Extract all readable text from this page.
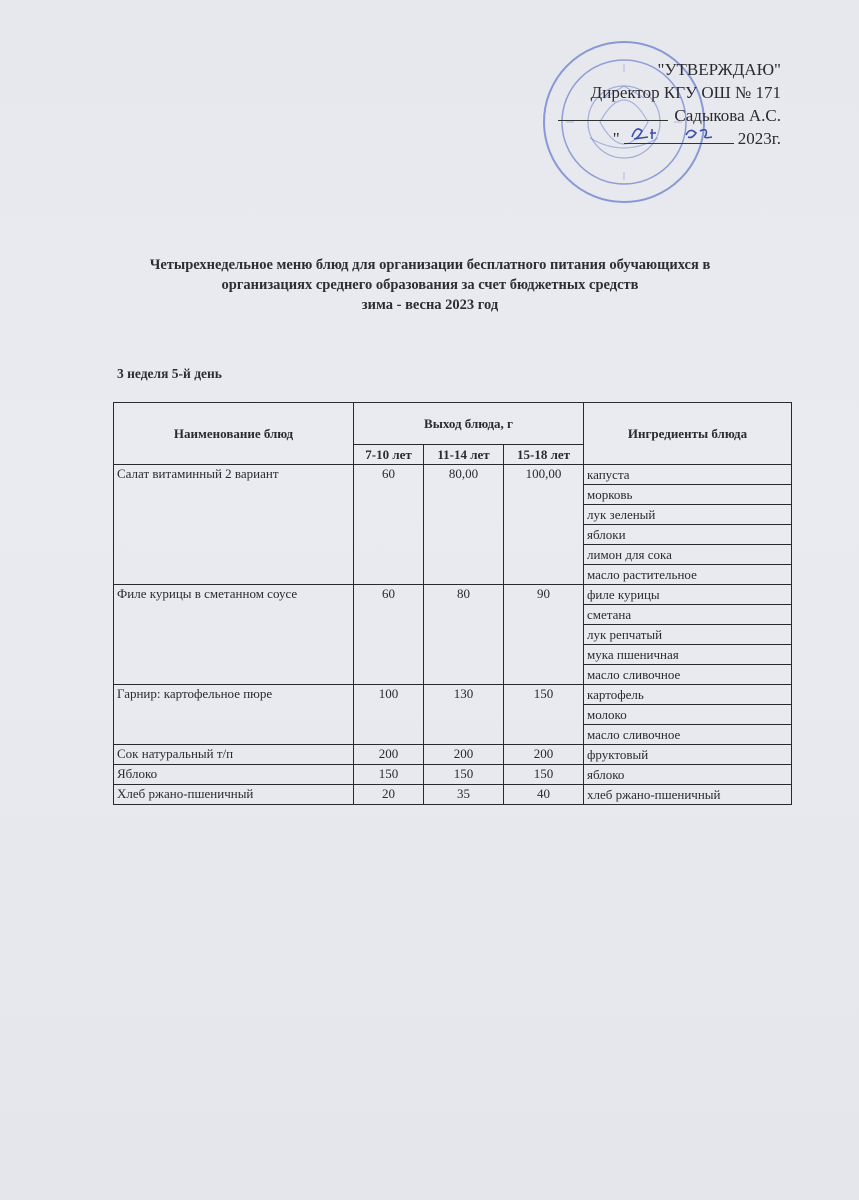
"УТВЕРЖДАЮ"
Директор КГУ ОШ № 171
Садыкова А.С.
"	2023г.
Четырехнедельное меню блюд для организации бесплатного питания обучающихся в
организациях среднего образования за счет бюджетных средств
зима - весна 2023 год
3 неделя 5-й день
Наименование блюд	Выход блюда, г			Ингредиенты блюда
	7-10 лет	11-14 лет	15-18 лет	
Салат витаминный 2 вариант	60	80,00	100,00	капуста
				морковь
				лук зеленый
				яблоки
				лимон для сока
				масло растительное
Филе курицы в сметанном соусе	60	80	90	филе курицы
				сметана
				лук репчатый
				мука пшеничная
				масло сливочное
Гарнир: картофельное пюре	100	130	150	картофель
				молоко
				масло сливочное
Сок натуральный т/п	200	200	200	фруктовый
Яблоко	150	150	150	яблоко
Хлеб ржано-пшеничный	20	35	40	хлеб ржано-пшеничный
